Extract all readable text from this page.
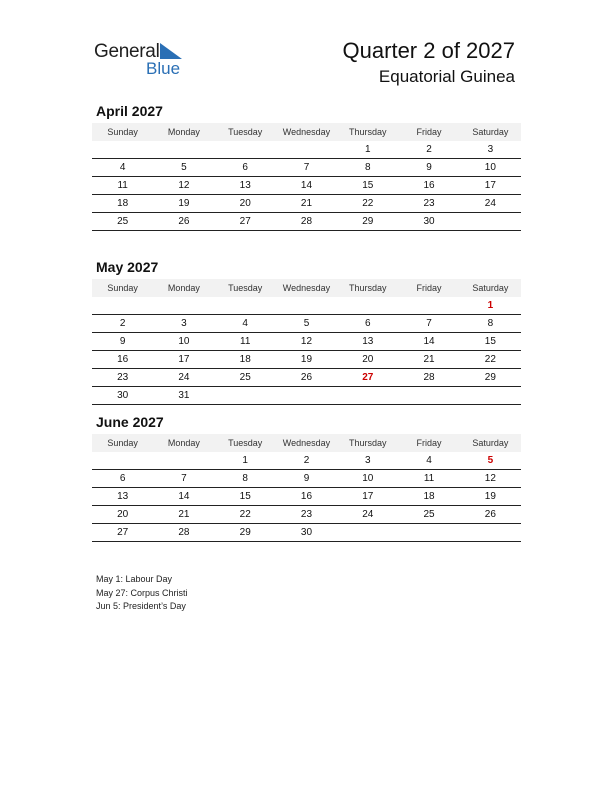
General
Blue
Quarter 2 of 2027
Equatorial Guinea
April 2027
Sunday	Monday	Tuesday	Wednesday	Thursday	Friday	Saturday
				1	2	3
4	5	6	7	8	9	10
11	12	13	14	15	16	17
18	19	20	21	22	23	24
25	26	27	28	29	30	
May 2027
Sunday	Monday	Tuesday	Wednesday	Thursday	Friday	Saturday
						1
2	3	4	5	6	7	8
9	10	11	12	13	14	15
16	17	18	19	20	21	22
23	24	25	26	27	28	29
30	31					
June 2027
Sunday	Monday	Tuesday	Wednesday	Thursday	Friday	Saturday
		1	2	3	4	5
6	7	8	9	10	11	12
13	14	15	16	17	18	19
20	21	22	23	24	25	26
27	28	29	30			
May 1: Labour Day
May 27: Corpus Christi
Jun 5: President’s Day
